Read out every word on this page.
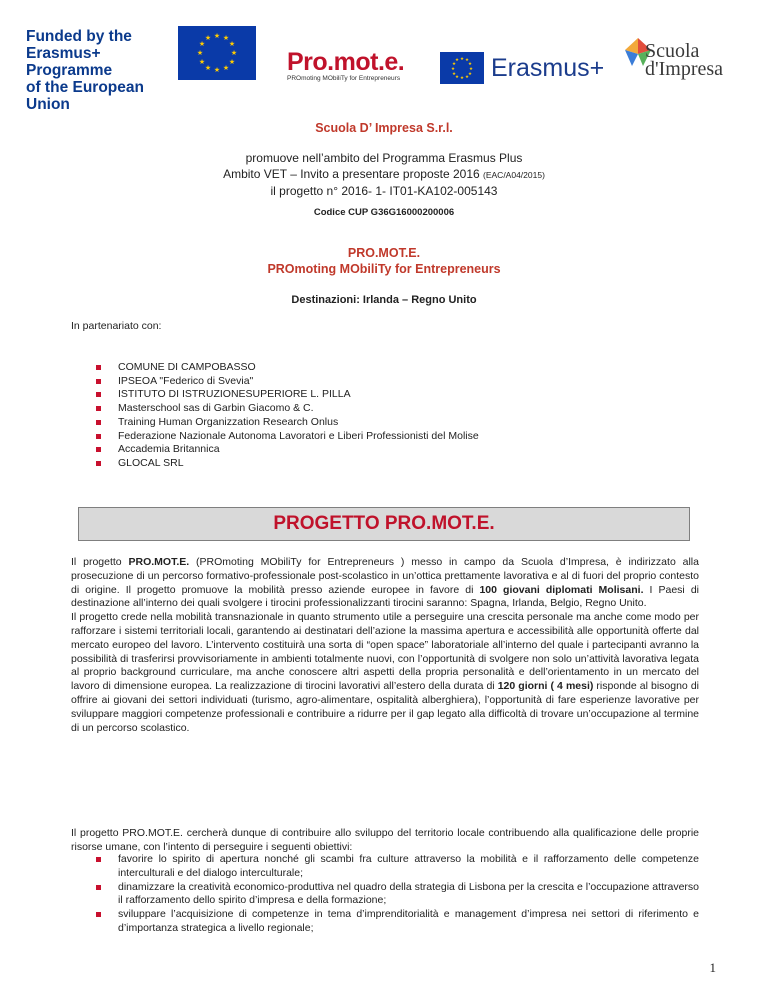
Funded by the
Erasmus+ Programme
of the European Union
★ ★
★
★
★
★
★
★
★
★
★
★
Pro.mot.e.
PROmoting MObiliTy for Entrepreneurs
★ ★
★
★
★
★
★
★
★
★
★
★ Erasmus+
Scuola
d'Impresa
Scuola D’ Impresa S.r.l.
promuove nell’ambito del Programma Erasmus Plus
Ambito VET – Invito a presentare proposte 2016 (EAC/A04/2015)
il progetto n° 2016- 1- IT01-KA102-005143
Codice CUP G36G16000200006
PRO.MOT.E.
PROmoting MObiliTy for Entrepreneurs
Destinazioni: Irlanda – Regno Unito
In partenariato con:
COMUNE DI CAMPOBASSO
IPSEOA "Federico di Svevia"
ISTITUTO DI ISTRUZIONESUPERIORE L. PILLA
Masterschool sas di Garbin Giacomo & C.
Training Human Organizzation Research Onlus
Federazione Nazionale Autonoma Lavoratori e Liberi Professionisti del Molise
Accademia Britannica
GLOCAL SRL
PROGETTO PRO.MOT.E.
Il progetto PRO.MOT.E. (PROmoting MObiliTy for Entrepreneurs ) messo in campo da Scuola d’Impresa, è indirizzato alla prosecuzione di un percorso formativo-professionale post-scolastico in un’ottica prettamente lavorativa e al di fuori del proprio contesto di origine. Il progetto promuove la mobilità presso aziende europee in favore di 100 giovani diplomati Molisani. I Paesi di destinazione all’interno dei quali svolgere i tirocini professionalizzanti tirocini saranno: Spagna, Irlanda, Belgio, Regno Unito.
Il progetto crede nella mobilità transnazionale in quanto strumento utile a perseguire una crescita personale ma anche come modo per rafforzare i sistemi territoriali locali, garantendo ai destinatari dell’azione la massima apertura e accessibilità alle opportunità offerte dal mercato europeo del lavoro. L’intervento costituirà una sorta di “open space” laboratoriale all’interno del quale i partecipanti avranno la possibilità di trasferirsi provvisoriamente in ambienti totalmente nuovi, con l’opportunità di svolgere non solo un’attività lavorativa legata al proprio background curriculare, ma anche conoscere altri aspetti della propria personalità e dell’orientamento in un mercato del lavoro di dimensione europea. La realizzazione di tirocini lavorativi all’estero della durata di 120 giorni ( 4 mesi) risponde al bisogno di offrire ai giovani dei settori individuati (turismo, agro-alimentare, ospitalità alberghiera), l’opportunità di fare esperienze lavorative per sviluppare maggiori competenze professionali e contribuire a ridurre per il gap legato alla difficoltà di trovare un’occupazione al termine di un percorso scolastico.
Il progetto PRO.MOT.E. cercherà dunque di contribuire allo sviluppo del territorio locale contribuendo alla qualificazione delle proprie risorse umane, con l’intento di perseguire i seguenti obiettivi:
favorire lo spirito di apertura nonché gli scambi fra culture attraverso la mobilità e il rafforzamento delle competenze interculturali e del dialogo interculturale;
dinamizzare la creatività economico-produttiva nel quadro della strategia di Lisbona per la crescita e l’occupazione attraverso il rafforzamento dello spirito d’impresa e della formazione;
sviluppare l’acquisizione di competenze in tema d’imprenditorialità e management d’impresa nei settori di riferimento e d’importanza strategica a livello regionale;
1
